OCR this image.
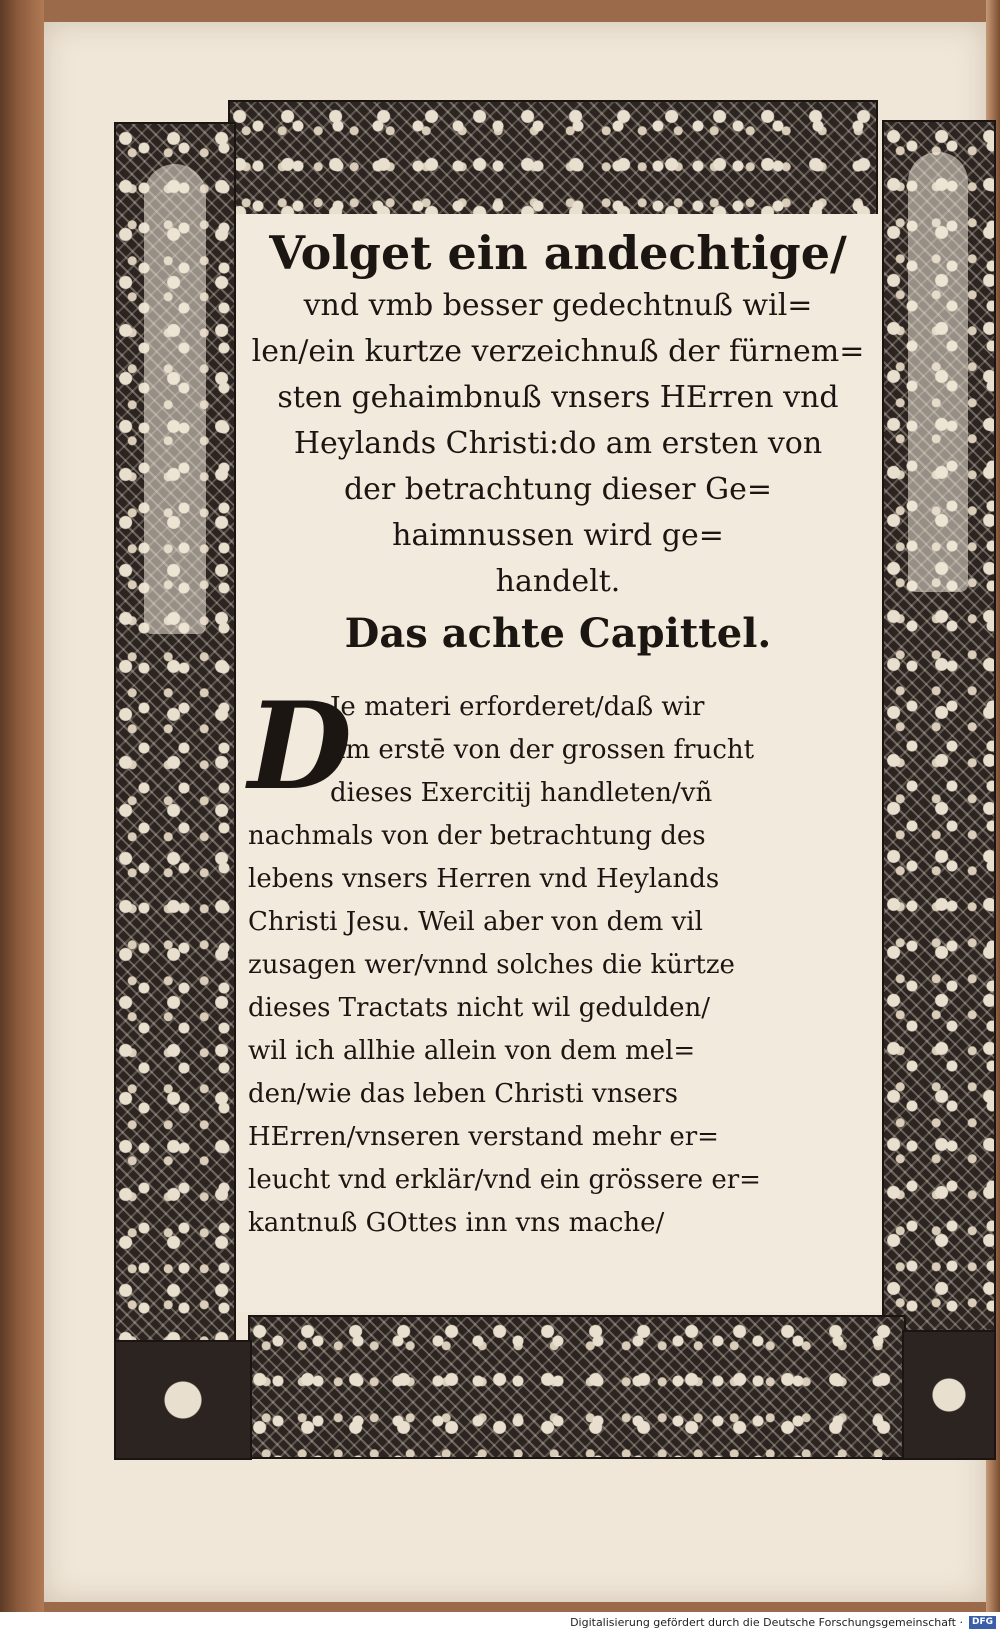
Volget ein andechtige/
vnd vmb besser gedechtnuß wil=
len/ein kurtze verzeichnuß der fürnem=
sten gehaimbnuß vnsers HErren vnd
Heylands Christi:do am ersten von
der betrachtung dieser Ge=
haimnussen wird ge=
handelt.
Das achte Capittel.
D
Je materi erforderet/daß wir
am erstē von der grossen frucht
dieses Exercitij handleten/vñ
nachmals von der betrachtung des
lebens vnsers Herren vnd Heylands
Christi Jesu. Weil aber von dem vil
zusagen wer/vnnd solches die kürtze
dieses Tractats nicht wil gedulden/
wil ich allhie allein von dem mel=
den/wie das leben Christi vnsers
HErren/vnseren verstand mehr er=
leucht vnd erklär/vnd ein grössere er=
kantnuß GOttes inn vns mache/
Digitalisierung gefördert durch die Deutsche Forschungsgemeinschaft · DFG
